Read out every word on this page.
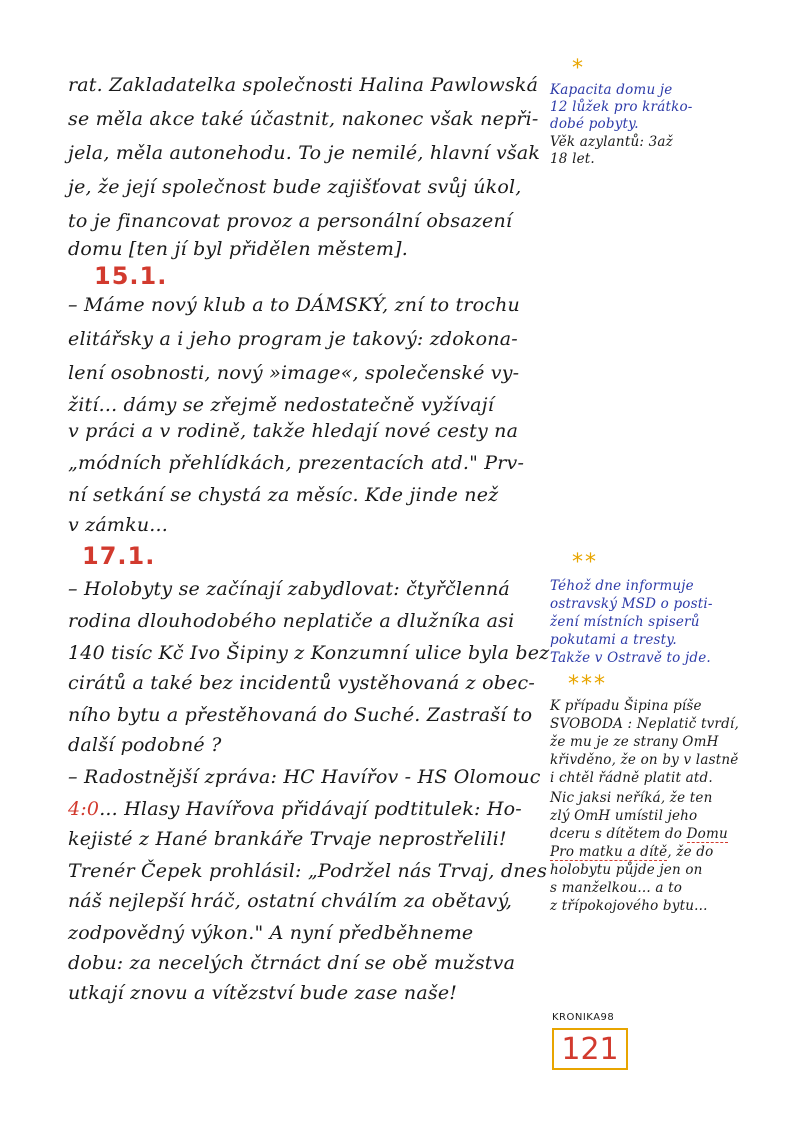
rat. Zakladatelka společnosti Halina Pawlowská
se měla akce také účastnit, nakonec však nepři-
jela, měla autonehodu. To je nemilé, hlavní však
je, že její společnost bude zajišťovat svůj úkol,
to je financovat provoz a personální obsazení
domu [ten jí byl přidělen městem].
15.1.
– Máme nový klub a to DÁMSKÝ, zní to trochu
elitářsky a i jeho program je takový: zdokona-
lení osobnosti, nový »image«, společenské vy-
žití... dámy se zřejmě nedostatečně vyžívají
v práci a v rodině, takže hledají nové cesty na
„módních přehlídkách, prezentacích atd." Prv-
ní setkání se chystá za měsíc. Kde jinde než
v zámku...
17.1.
– Holobyty se začínají zabydlovat: čtyřčlenná
rodina dlouhodobého neplatiče a dlužníka asi
140 tisíc Kč Ivo Šipiny z Konzumní ulice byla bez
cirátů a také bez incidentů vystěhovaná z obec-
ního bytu a přestěhovaná do Suché. Zastraší to
další podobné ?
– Radostnější zpráva: HC Havířov - HS Olomouc
4:0... Hlasy Havířova přidávají podtitulek: Ho-
kejisté z Hané brankáře Trvaje neprostřelili!
Trenér Čepek prohlásil: „Podržel nás Trvaj, dnes
náš nejlepší hráč, ostatní chválím za obětavý,
zodpovědný výkon." A nyní předběhneme
dobu: za necelých čtrnáct dní se obě mužstva
utkají znovu a vítězství bude zase naše!
*
Kapacita domu je
12 lůžek pro krátko-
dobé pobyty.
Věk azylantů: 3až
18 let.
**
Téhož dne informuje
ostravský MSD o posti-
žení místních spiserů
pokutami a tresty.
Takže v Ostravě to jde.
***
K případu Šipina píše
SVOBODA : Neplatič tvrdí,
že mu je ze strany OmH
křivděno, že on by v lastně
i chtěl řádně platit atd.
Nic jaksi neříká, že ten
zlý OmH umístil jeho
dceru s dítětem do Domu
Pro matku a dítě, že do
holobytu půjde jen on
s manželkou... a to
z třípokojového bytu...
KRONIKA98
121
